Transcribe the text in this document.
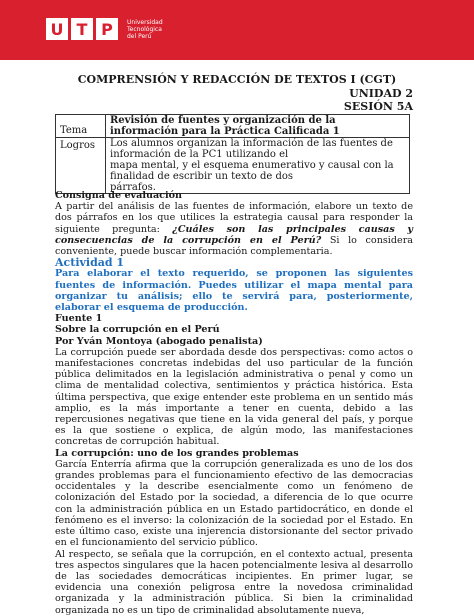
U T P	Universidad
Tecnológica
del Perú
COMPRENSIÓN Y REDACCIÓN DE TEXTOS I (CGT)
UNIDAD 2
SESIÓN 5A
Tema	Revisión de fuentes y organización de la información para la Práctica Calificada 1
Logros	Los alumnos organizan la información de las fuentes de información de la PC1 utilizando el
mapa mental, y el esquema enumerativo y causal con la finalidad de escribir un texto de dos
párrafos.

Consigna de evaluación

A partir del análisis de las fuentes de información, elabore un texto de dos párrafos en los que utilices la estrategia causal para responder la siguiente pregunta: ¿Cuáles son las principales causas y consecuencias de la corrupción en el Perú? Si lo considera conveniente, puede buscar información complementaria.

Actividad 1

Para elaborar el texto requerido, se proponen las siguientes fuentes de información. Puedes utilizar el mapa mental para organizar tu análisis; ello te servirá para, posteriormente, elaborar el esquema de producción.

Fuente 1

Sobre la corrupción en el Perú

Por Yván Montoya (abogado penalista)

La corrupción puede ser abordada desde dos perspectivas: como actos o manifestaciones concretas indebidas del uso particular de la función pública delimitados en la legislación administrativa o penal y como un clima de mentalidad colectiva, sentimientos y práctica histórica. Esta última perspectiva, que exige entender este problema en un sentido más amplio, es la más importante a tener en cuenta, debido a las repercusiones negativas que tiene en la vida general del país, y porque es la que sostiene o explica, de algún modo, las manifestaciones concretas de corrupción habitual.

La corrupción: uno de los grandes problemas

García Enterría afirma que la corrupción generalizada es uno de los dos grandes problemas para el funcionamiento efectivo de las democracias occidentales y la describe esencialmente como un fenómeno de colonización del Estado por la sociedad, a diferencia de lo que ocurre con la administración pública en un Estado partidocrático, en donde el fenómeno es el inverso: la colonización de la sociedad por el Estado. En este último caso, existe una injerencia distorsionante del sector privado en el funcionamiento del servicio público.

Al respecto, se señala que la corrupción, en el contexto actual, presenta tres aspectos singulares que la hacen potencialmente lesiva al desarrollo de las sociedades democráticas incipientes. En primer lugar, se evidencia una conexión peligrosa entre la novedosa criminalidad organizada y la administración pública. Si bien la criminalidad organizada no es un tipo de criminalidad absolutamente nueva,
